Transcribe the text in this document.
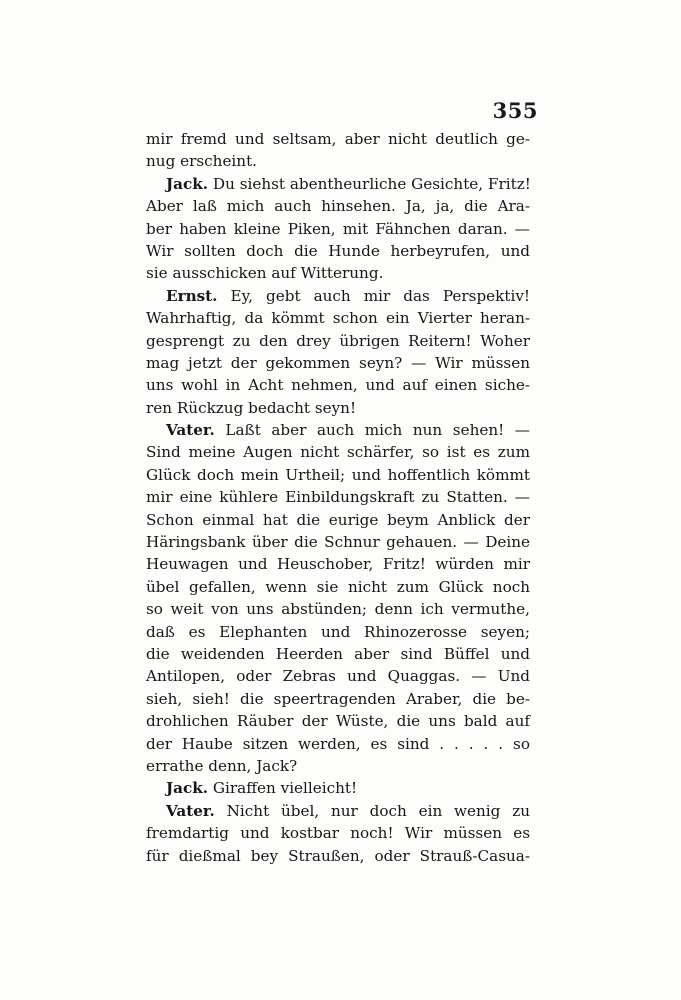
355
mir fremd und seltsam, aber nicht deutlich ge-
nug erscheint.
Jack. Du siehst abentheurliche Gesichte, Fritz!
Aber laß mich auch hinsehen. Ja, ja, die Ara-
ber haben kleine Piken, mit Fähnchen daran. —
Wir sollten doch die Hunde herbeyrufen, und
sie ausschicken auf Witterung.
Ernst. Ey, gebt auch mir das Perspektiv!
Wahrhaftig, da kömmt schon ein Vierter heran-
gesprengt zu den drey übrigen Reitern! Woher
mag jetzt der gekommen seyn? — Wir müssen
uns wohl in Acht nehmen, und auf einen siche-
ren Rückzug bedacht seyn!
Vater. Laßt aber auch mich nun sehen! —
Sind meine Augen nicht schärfer, so ist es zum
Glück doch mein Urtheil; und hoffentlich kömmt
mir eine kühlere Einbildungskraft zu Statten. —
Schon einmal hat die eurige beym Anblick der
Häringsbank über die Schnur gehauen. — Deine
Heuwagen und Heuschober, Fritz! würden mir
übel gefallen, wenn sie nicht zum Glück noch
so weit von uns abstünden; denn ich vermuthe,
daß es Elephanten und Rhinozerosse seyen;
die weidenden Heerden aber sind Büffel und
Antilopen, oder Zebras und Quaggas. — Und
sieh, sieh! die speertragenden Araber, die be-
drohlichen Räuber der Wüste, die uns bald auf
der Haube sitzen werden, es sind . . . . . so
errathe denn, Jack?
Jack. Giraffen vielleicht!
Vater. Nicht übel, nur doch ein wenig zu
fremdartig und kostbar noch! Wir müssen es
für dießmal bey Straußen, oder Strauß-Casua-
